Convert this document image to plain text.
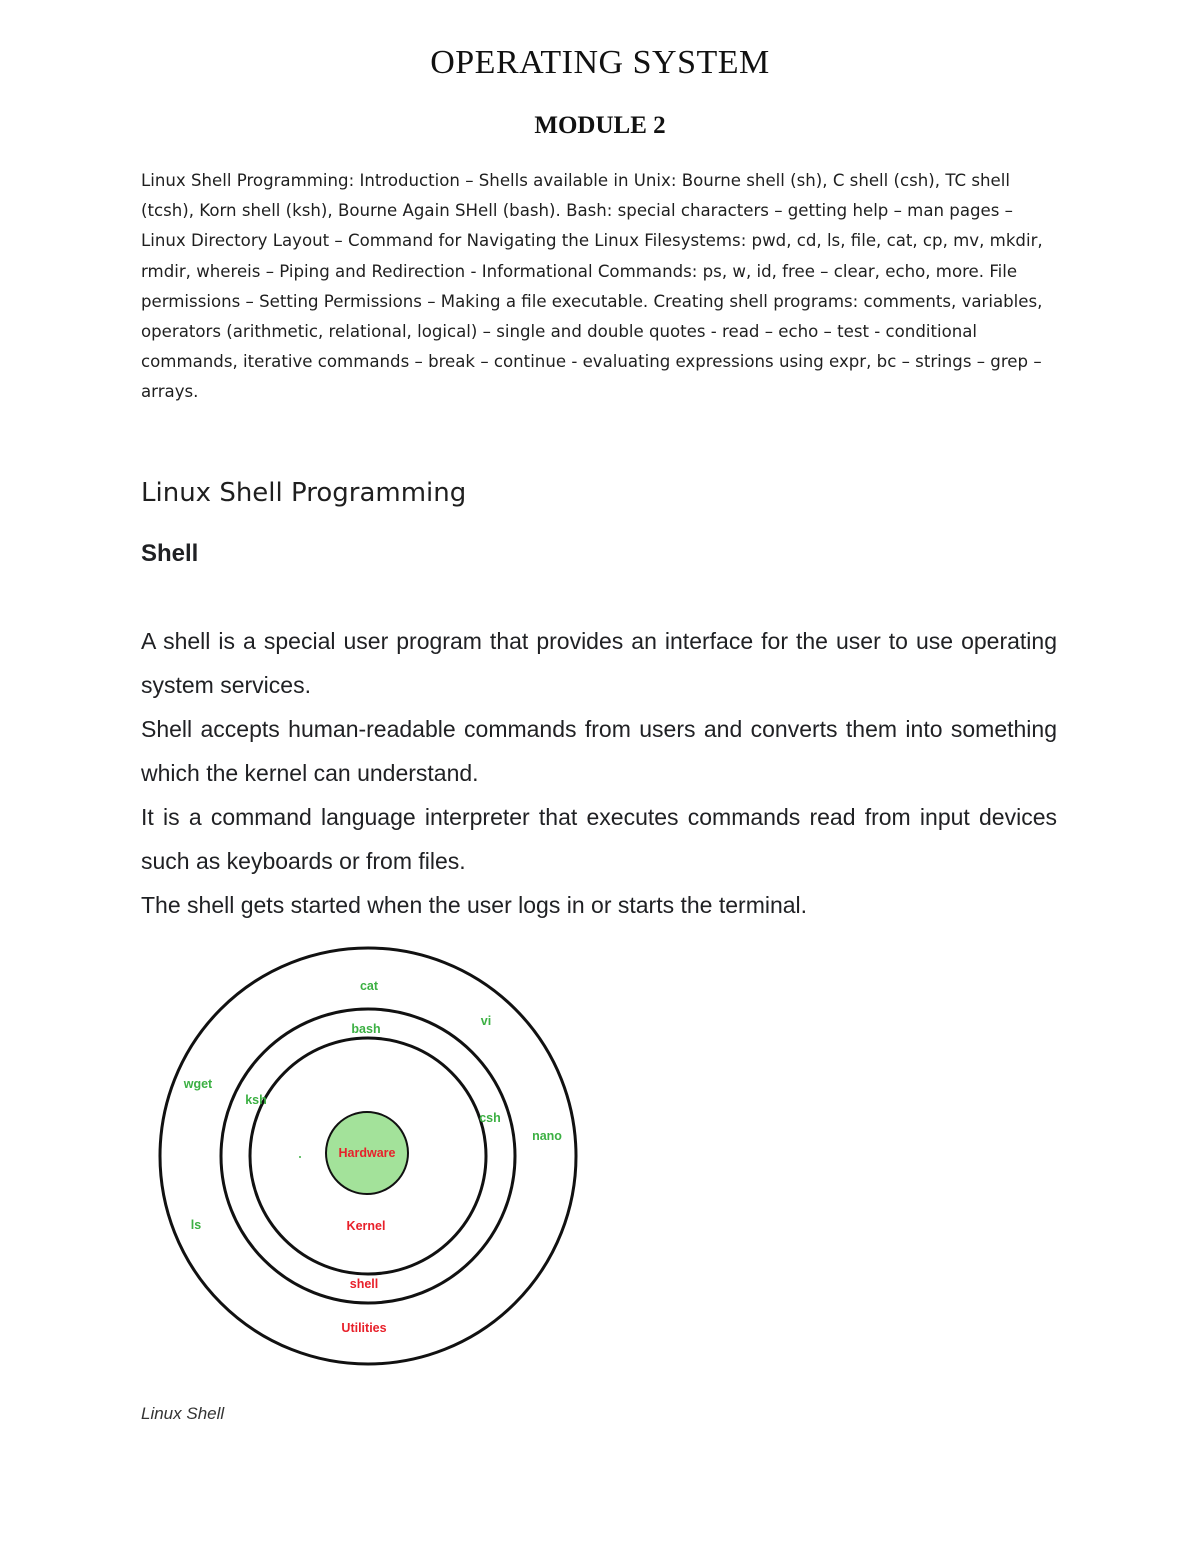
OPERATING SYSTEM
MODULE 2

Linux Shell Programming: Introduction – Shells available in Unix: Bourne shell (sh), C shell (csh), TC shell (tcsh), Korn shell (ksh), Bourne Again SHell (bash). Bash: special characters – getting help – man pages – Linux Directory Layout – Command for Navigating the Linux Filesystems: pwd, cd, ls, file, cat, cp, mv, mkdir, rmdir, whereis – Piping and Redirection - Informational Commands: ps, w, id, free – clear, echo, more. File permissions – Setting Permissions – Making a file executable. Creating shell programs: comments, variables, operators (arithmetic, relational, logical) – single and double quotes - read – echo – test - conditional commands, iterative commands – break – continue - evaluating expressions using expr, bc – strings – grep – arrays.

Linux Shell Programming
Shell

A shell is a special user program that provides an interface for the user to use operating system services.

Shell accepts human-readable commands from users and converts them into something which the kernel can understand.

It is a command language interpreter that executes commands read from input devices such as keyboards or from files.

The shell gets started when the user logs in or starts the terminal.

Hardware
Kernel
shell
Utilities
bash
ksh
csh
cat
vi
wget
nano
ls

Linux Shell
